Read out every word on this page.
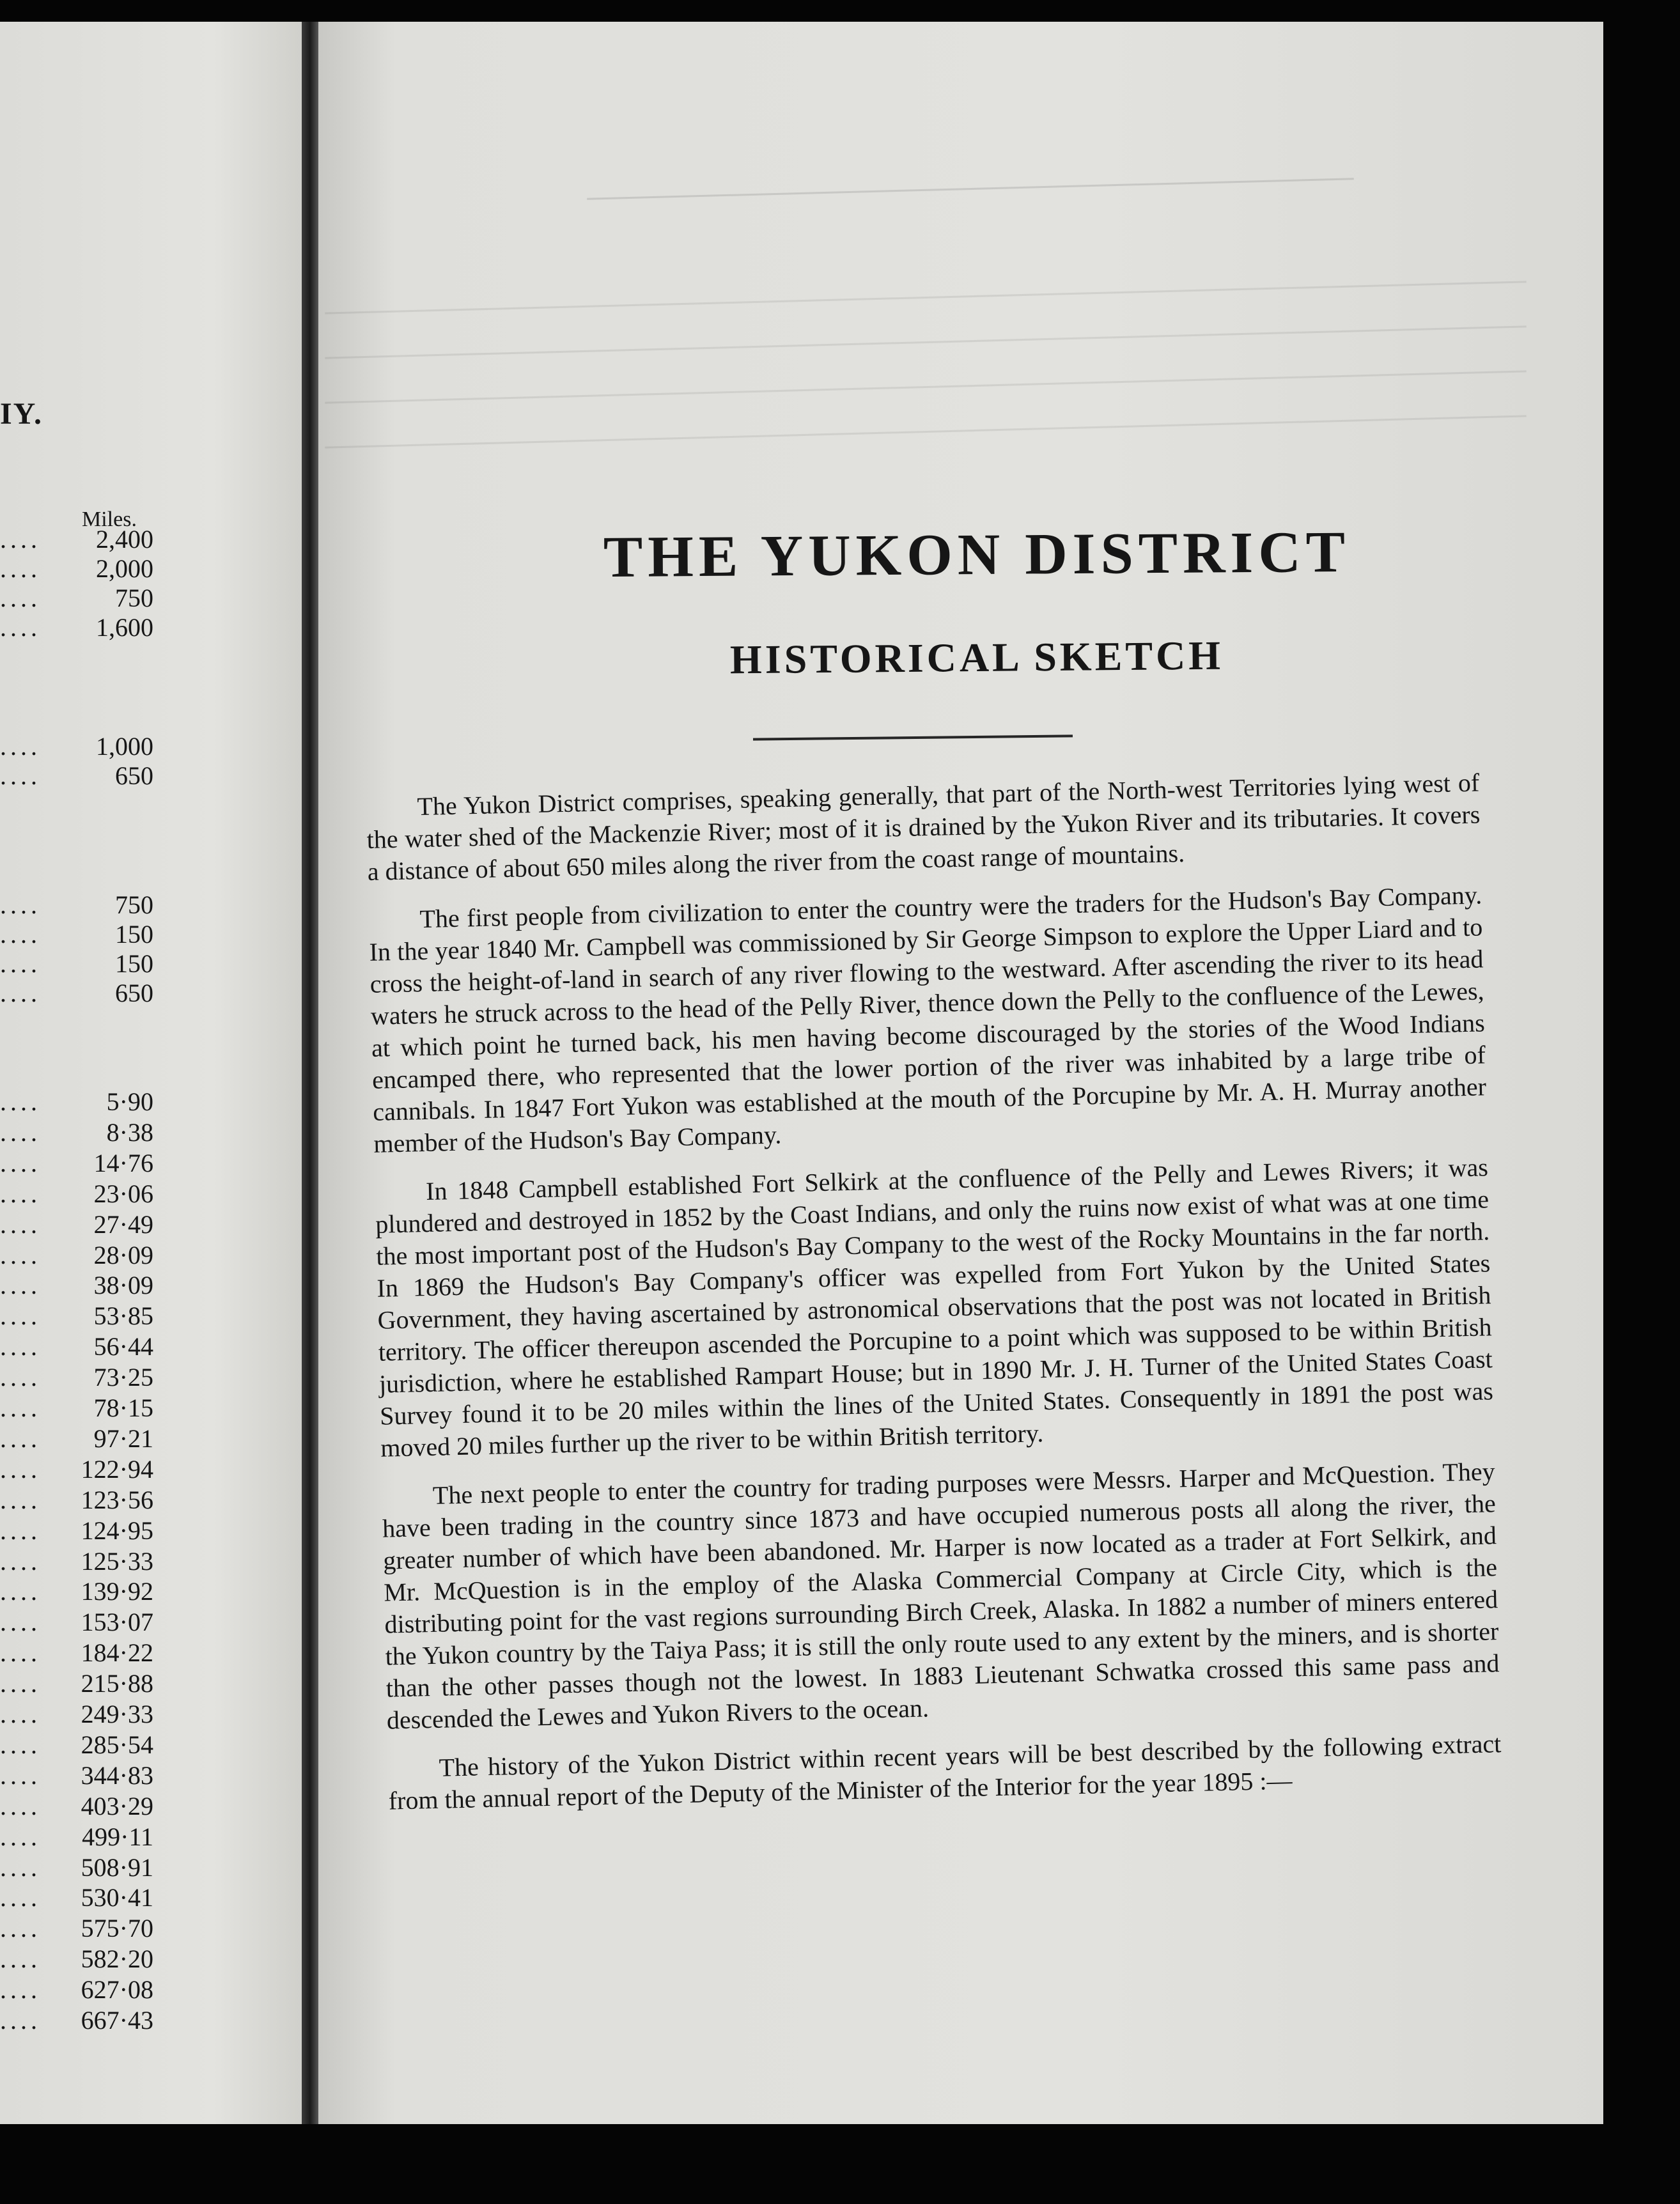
IY.
Miles.
.... 2,400
.... 2,000
....	750
.... 1,600
.... 1,000
....	650
....	750
....	150
....	150
....	650
....	5·90
....	8·38
.... 14·76
.... 23·06
.... 27·49
.... 28·09
.... 38·09
.... 53·85
.... 56·44
.... 73·25
.... 78·15
.... 97·21
.... 122·94
.... 123·56
.... 124·95
.... 125·33
.... 139·92
.... 153·07
.... 184·22
.... 215·88
.... 249·33
.... 285·54
.... 344·83
.... 403·29
.... 499·11
.... 508·91
.... 530·41
.... 575·70
.... 582·20
.... 627·08
.... 667·43
THE YUKON DISTRICT
HISTORICAL SKETCH

The Yukon District comprises, speaking generally, that part of the North-west Territories lying west of the water shed of the Mackenzie River; most of it is drained by the Yukon River and its tributaries. It covers a distance of about 650 miles along the river from the coast range of mountains.

The first people from civilization to enter the country were the traders for the Hudson's Bay Company. In the year 1840 Mr. Campbell was commissioned by Sir George Simpson to explore the Upper Liard and to cross the height-of-land in search of any river flowing to the westward. After ascending the river to its head waters he struck across to the head of the Pelly River, thence down the Pelly to the confluence of the Lewes, at which point he turned back, his men having become discouraged by the stories of the Wood Indians encamped there, who represented that the lower portion of the river was inhabited by a large tribe of cannibals. In 1847 Fort Yukon was established at the mouth of the Porcupine by Mr. A. H. Murray another member of the Hudson's Bay Company.

In 1848 Campbell established Fort Selkirk at the confluence of the Pelly and Lewes Rivers; it was plundered and destroyed in 1852 by the Coast Indians, and only the ruins now exist of what was at one time the most important post of the Hudson's Bay Company to the west of the Rocky Mountains in the far north. In 1869 the Hudson's Bay Company's officer was expelled from Fort Yukon by the United States Government, they having ascertained by astronomical observations that the post was not located in British territory. The officer thereupon ascended the Porcupine to a point which was supposed to be within British jurisdiction, where he established Rampart House; but in 1890 Mr. J. H. Turner of the United States Coast Survey found it to be 20 miles within the lines of the United States. Consequently in 1891 the post was moved 20 miles further up the river to be within British territory.

The next people to enter the country for trading purposes were Messrs. Harper and McQuestion. They have been trading in the country since 1873 and have occupied numerous posts all along the river, the greater number of which have been abandoned. Mr. Harper is now located as a trader at Fort Selkirk, and Mr. McQuestion is in the employ of the Alaska Commercial Company at Circle City, which is the distributing point for the vast regions surrounding Birch Creek, Alaska. In 1882 a number of miners entered the Yukon country by the Taiya Pass; it is still the only route used to any extent by the miners, and is shorter than the other passes though not the lowest. In 1883 Lieutenant Schwatka crossed this same pass and descended the Lewes and Yukon Rivers to the ocean.

The history of the Yukon District within recent years will be best described by the following extract from the annual report of the Deputy of the Minister of the Interior for the year 1895 :—
